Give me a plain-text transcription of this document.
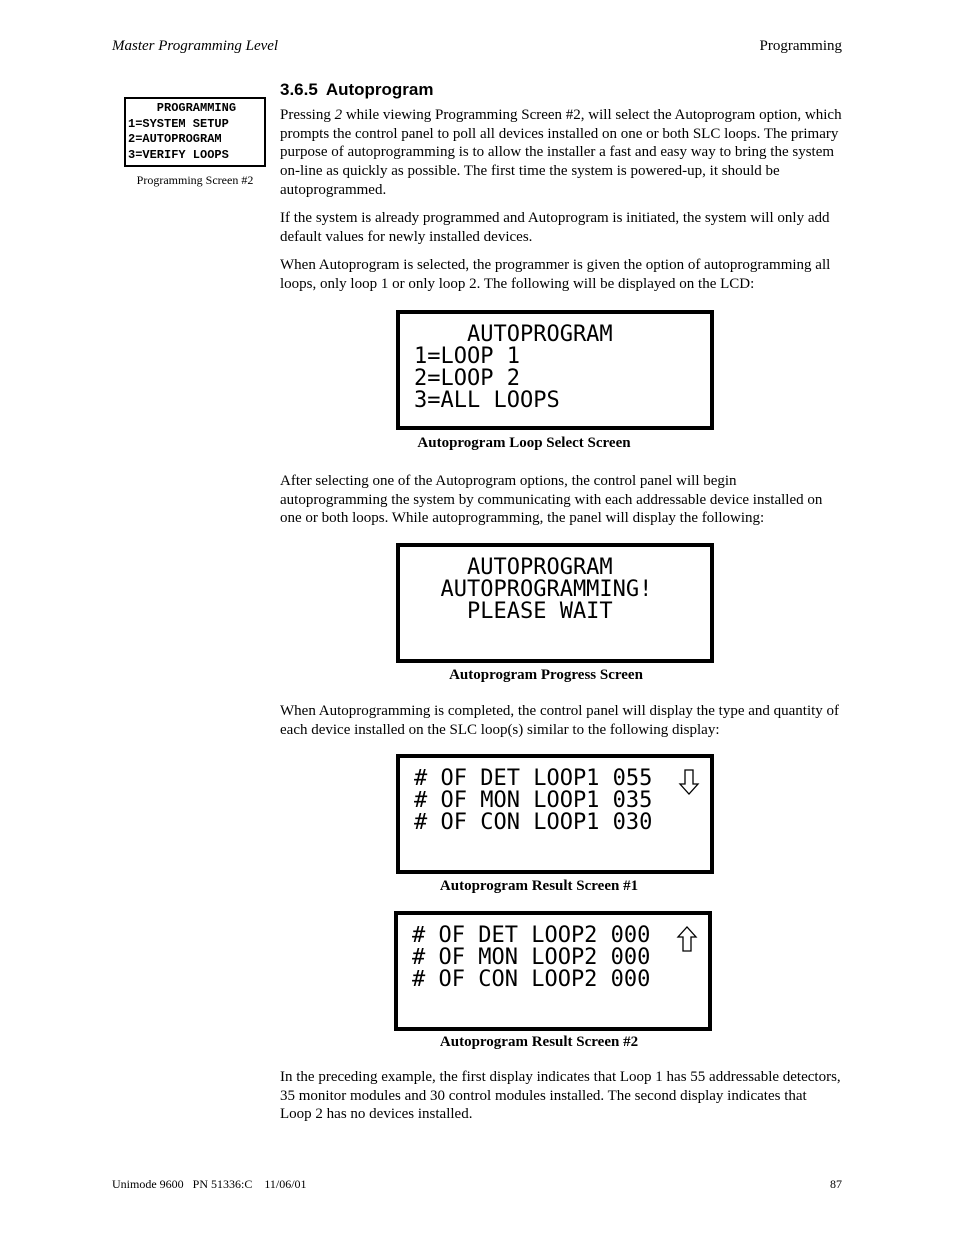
Master Programming Level	Programming
3.6.5 Autoprogram
PROGRAMMING
1=SYSTEM SETUP
2=AUTOPROGRAM
3=VERIFY LOOPS
Programming Screen #2
Pressing 2 while viewing Programming Screen #2, will select the Autoprogram option, which prompts the control panel to poll all devices installed on one or both SLC loops. The primary purpose of autoprogramming is to allow the installer a fast and easy way to bring the system on-line as quickly as possible. The first time the system is powered-up, it should be autoprogrammed.
If the system is already programmed and Autoprogram is initiated, the system will only add default values for newly installed devices.
When Autoprogram is selected, the programmer is given the option of autoprogramming all loops, only loop 1 or only loop 2. The following will be displayed on the LCD:
AUTOPROGRAM
1=LOOP 1
2=LOOP 2
3=ALL LOOPS
Autoprogram Loop Select Screen
After selecting one of the Autoprogram options, the control panel will begin autoprogramming the system by communicating with each addressable device installed on one or both loops. While autoprogramming, the panel will display the following:
AUTOPROGRAM
AUTOPROGRAMMING!
PLEASE WAIT
Autoprogram Progress Screen
When Autoprogramming is completed, the control panel will display the type and quantity of each device installed on the SLC loop(s) similar to the following display:
# OF DET LOOP1 055
# OF MON LOOP1 035
# OF CON LOOP1 030

Autoprogram Result Screen #1
# OF DET LOOP2 000
# OF MON LOOP2 000
# OF CON LOOP2 000

Autoprogram Result Screen #2
In the preceding example, the first display indicates that Loop 1 has 55 addressable detectors, 35 monitor modules and 30 control modules installed. The second display indicates that Loop 2 has no devices installed.
Unimode 9600   PN 51336:C    11/06/01	87
